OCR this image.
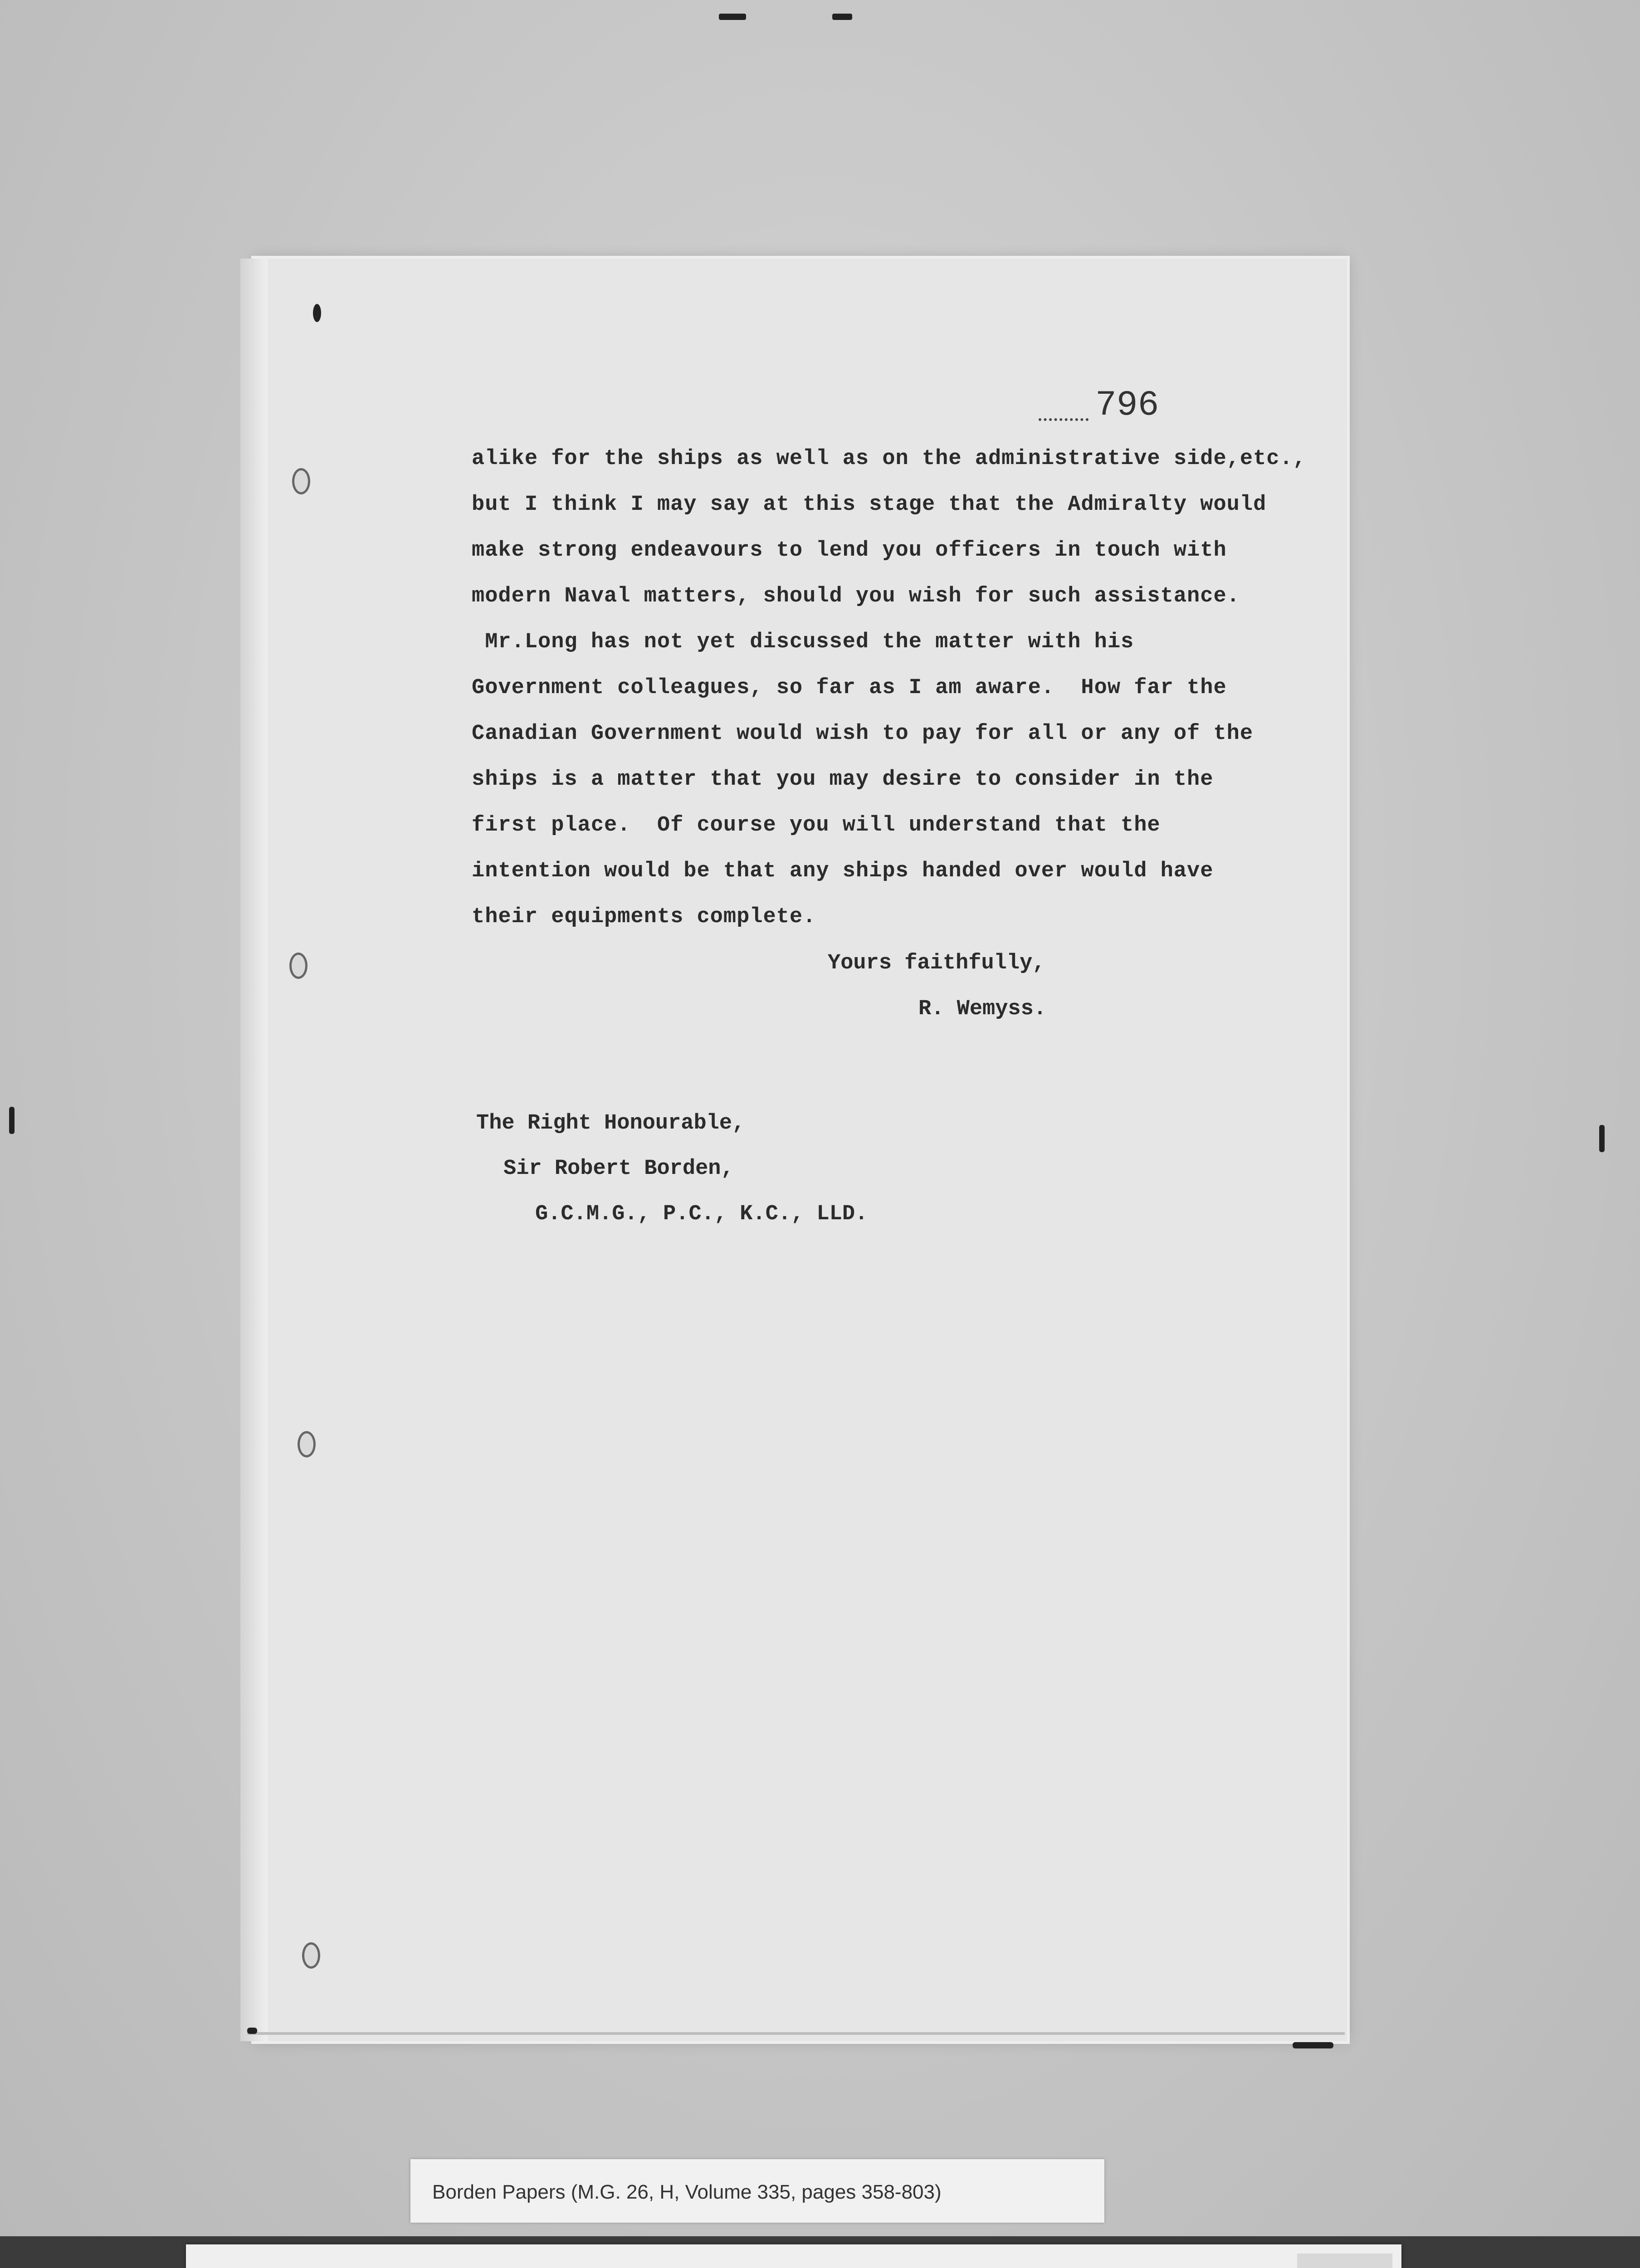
796
alike for the ships as well as on the administrative side,etc.,
but I think I may say at this stage that the Admiralty would
make strong endeavours to lend you officers in touch with
modern Naval matters, should you wish for such assistance.
Mr.Long has not yet discussed the matter with his
Government colleagues, so far as I am aware.  How far the
Canadian Government would wish to pay for all or any of the
ships is a matter that you may desire to consider in the
first place.  Of course you will understand that the
intention would be that any ships handed over would have
their equipments complete.
Yours faithfully,
R. Wemyss.
The Right Honourable,
Sir Robert Borden,
G.C.M.G., P.C., K.C., LLD.
Borden Papers (M.G. 26, H, Volume 335, pages 358-803)
